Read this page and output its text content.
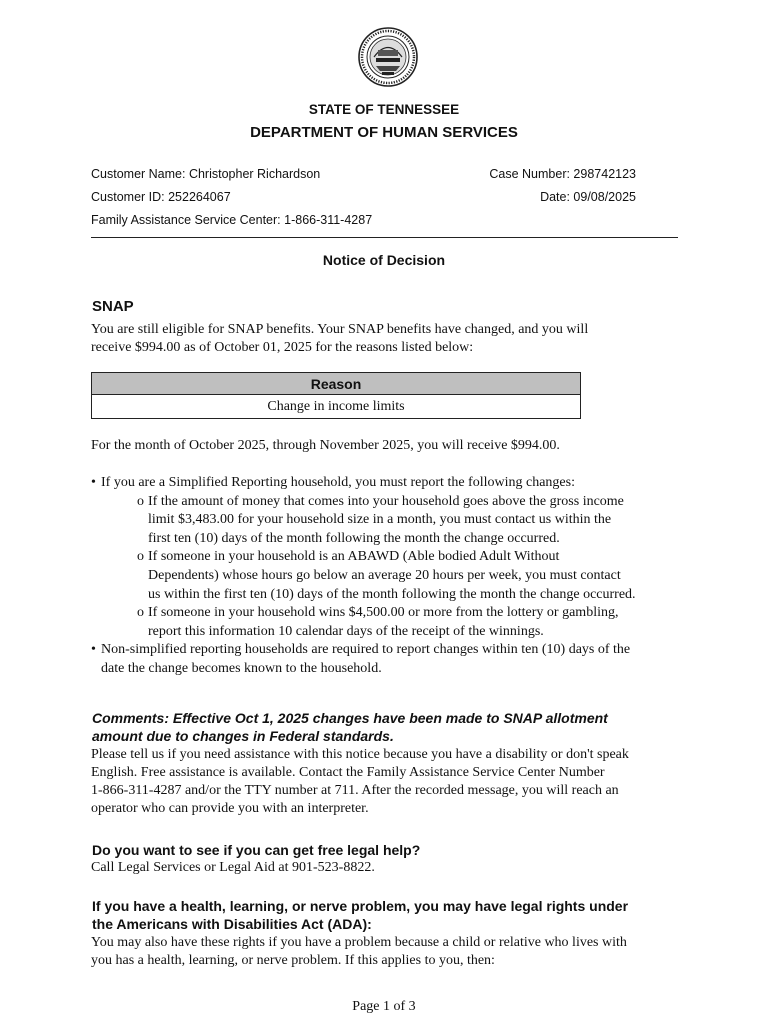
STATE OF TENNESSEE
DEPARTMENT OF HUMAN SERVICES
Customer Name: Christopher Richardson
Customer ID: 252264067
Family Assistance Service Center: 1-866-311-4287
Case Number: 298742123
Date: 09/08/2025
Notice of Decision
SNAP
You are still eligible for SNAP benefits. Your SNAP benefits have changed, and you will
receive $994.00 as of October 01, 2025 for the reasons listed below:
Reason
Change in income limits
For the month of October 2025, through November 2025, you will receive $994.00.
• If you are a Simplified Reporting household, you must report the following changes:
o If the amount of money that comes into your household goes above the gross income
limit $3,483.00 for your household size in a month, you must contact us within the
first ten (10) days of the month following the month the change occurred.
o If someone in your household is an ABAWD (Able bodied Adult Without
Dependents) whose hours go below an average 20 hours per week, you must contact
us within the first ten (10) days of the month following the month the change occurred.
o If someone in your household wins $4,500.00 or more from the lottery or gambling,
report this information 10 calendar days of the receipt of the winnings.
• Non-simplified reporting households are required to report changes within ten (10) days of the
date the change becomes known to the household.
Comments: Effective Oct 1, 2025 changes have been made to SNAP allotment
amount due to changes in Federal standards.
Please tell us if you need assistance with this notice because you have a disability or don't speak
English. Free assistance is available. Contact the Family Assistance Service Center Number
1-866-311-4287 and/or the TTY number at 711. After the recorded message, you will reach an
operator who can provide you with an interpreter.
Do you want to see if you can get free legal help?
Call Legal Services or Legal Aid at 901-523-8822.
If you have a health, learning, or nerve problem, you may have legal rights under
the Americans with Disabilities Act (ADA):
You may also have these rights if you have a problem because a child or relative who lives with
you has a health, learning, or nerve problem. If this applies to you, then:
Page 1 of 3
